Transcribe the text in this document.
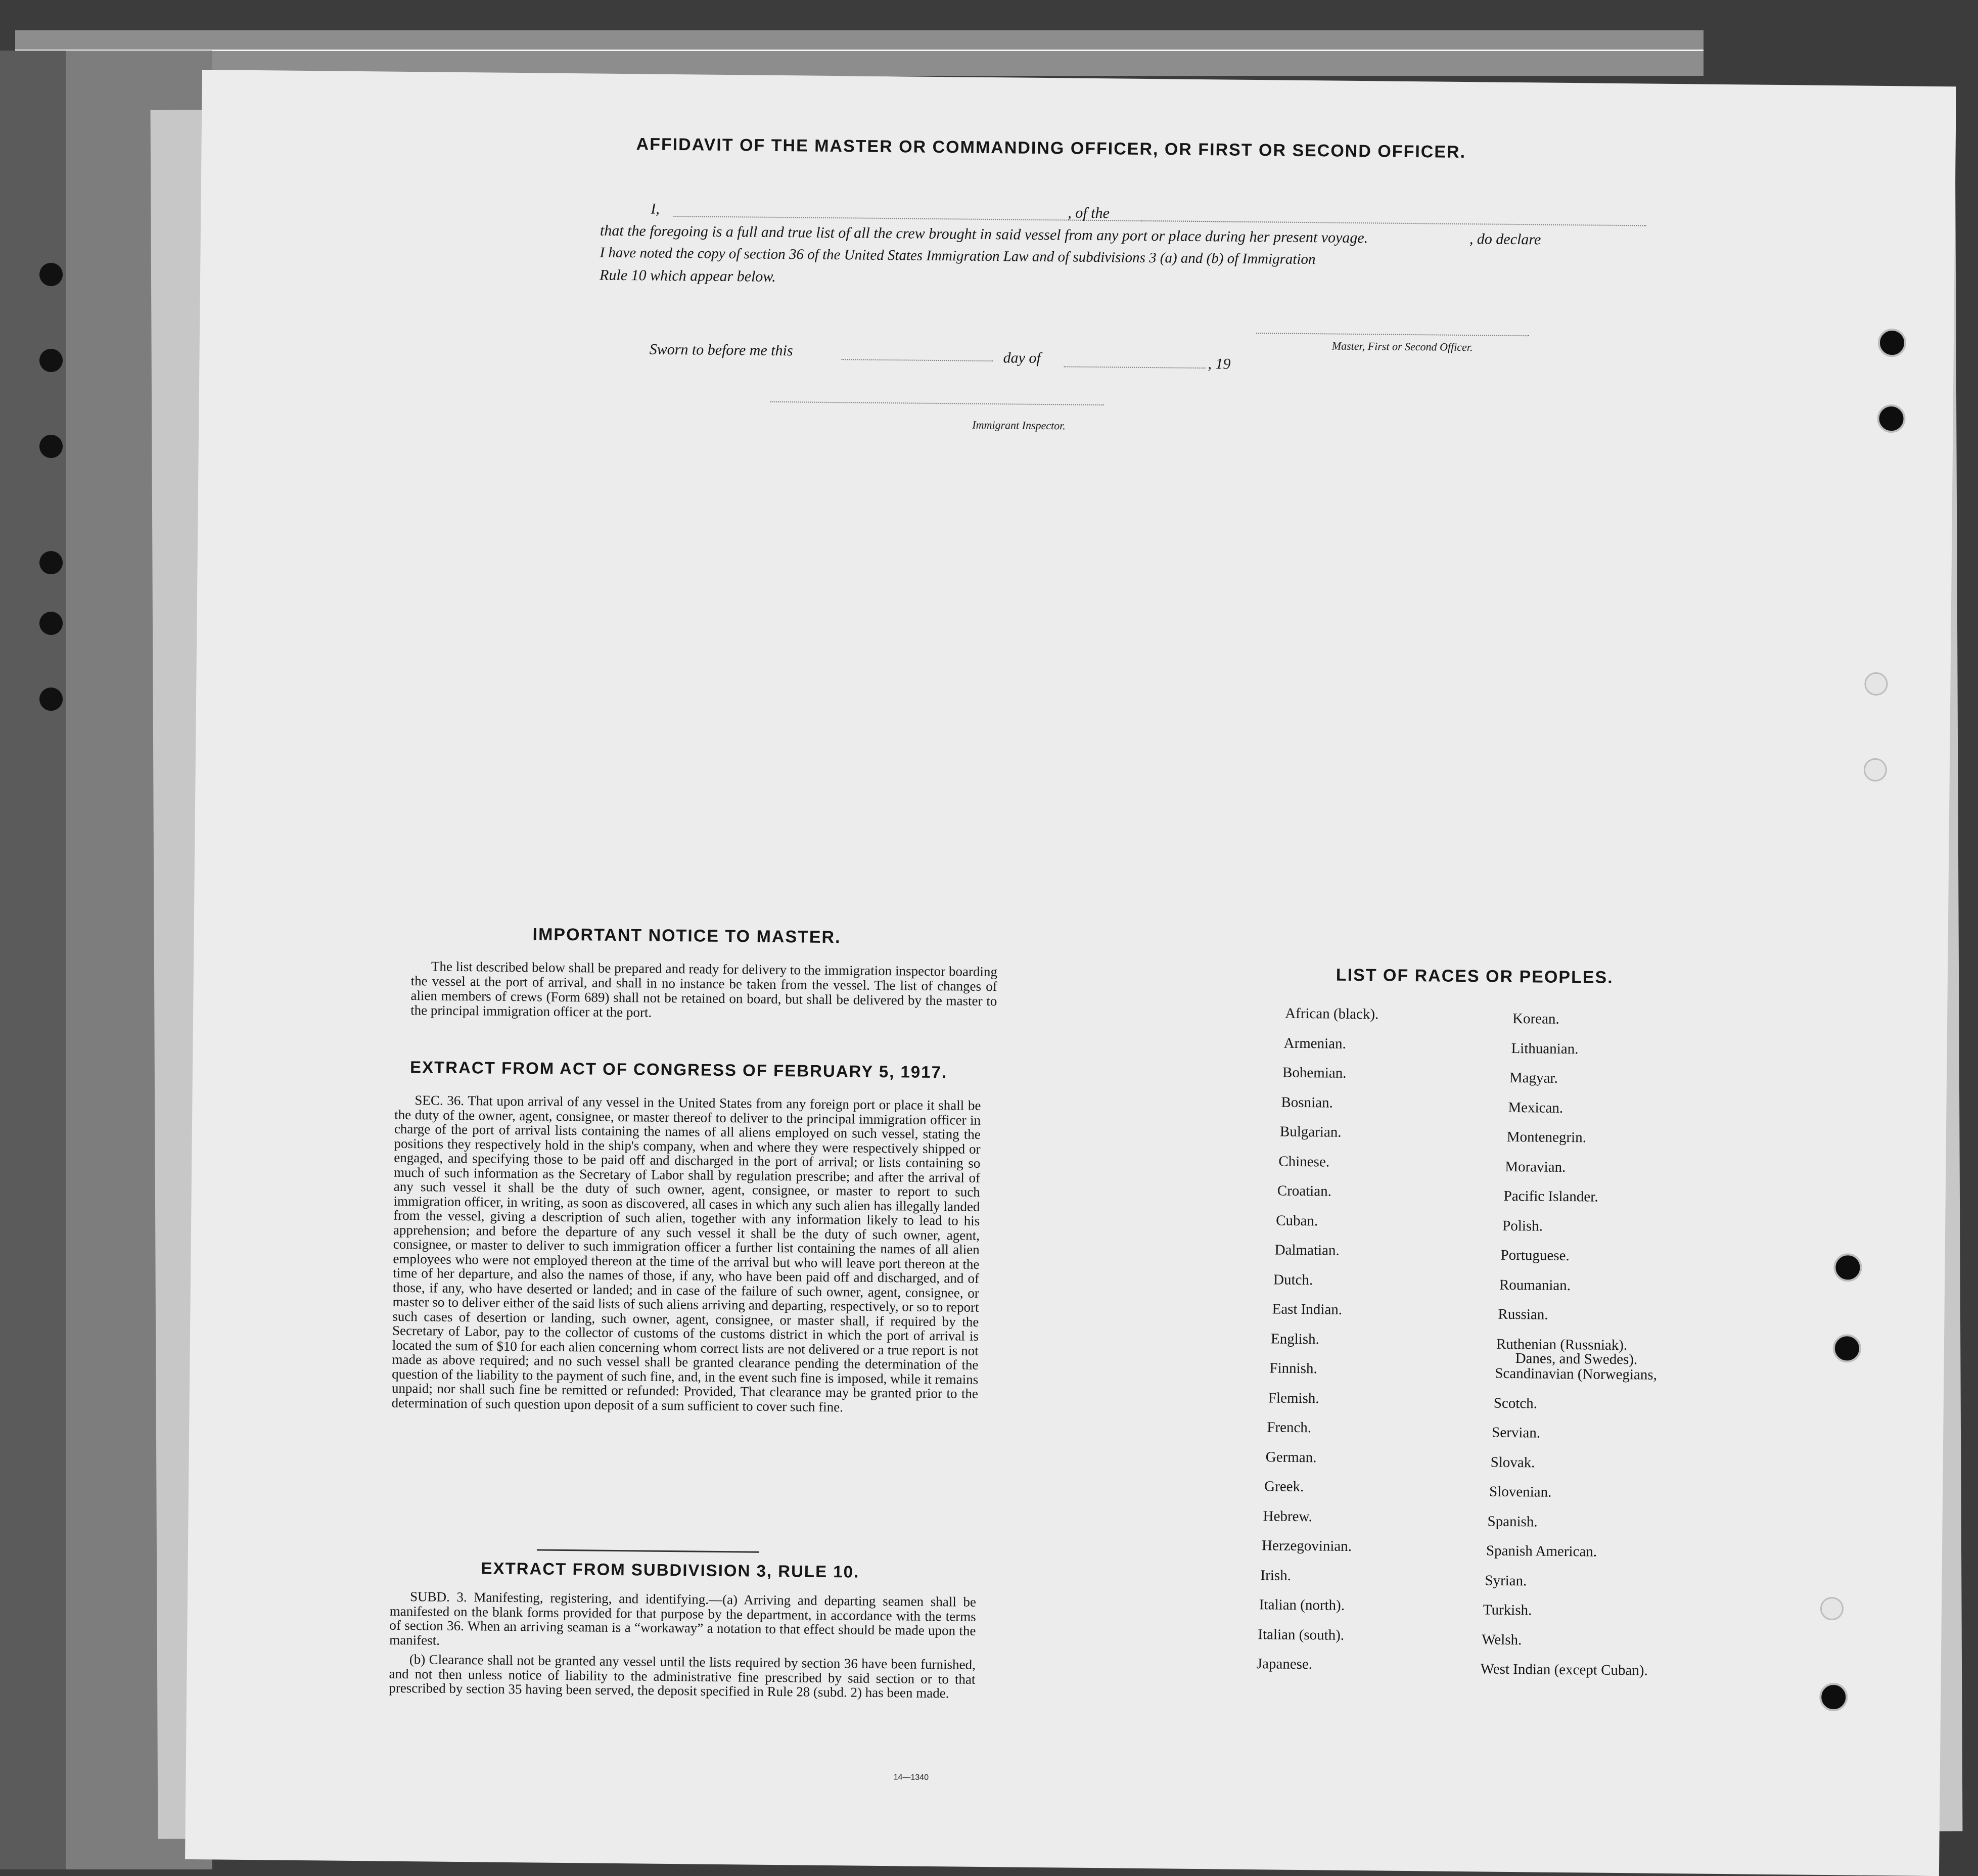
AFFIDAVIT OF THE MASTER OR COMMANDING OFFICER, OR FIRST OR SECOND OFFICER.
I,	, of the
that the foregoing is a full and true list of all the crew brought in said vessel from any port or place during her present voyage.	, do declare
I have noted the copy of section 36 of the United States Immigration Law and of subdivisions 3 (a) and (b) of Immigration
Rule 10 which appear below.
Master, First or Second Officer.
Sworn to before me this	day of	, 19
Immigrant Inspector.
IMPORTANT NOTICE TO MASTER.

The list described below shall be prepared and ready for delivery to the immigration inspector boarding the vessel at the port of arrival, and shall in no instance be taken from the vessel. The list of changes of alien members of crews (Form 689) shall not be retained on board, but shall be delivered by the master to the principal immigration officer at the port.

EXTRACT FROM ACT OF CONGRESS OF FEBRUARY 5, 1917.

SEC. 36. That upon arrival of any vessel in the United States from any foreign port or place it shall be the duty of the owner, agent, consignee, or master thereof to deliver to the principal immigration officer in charge of the port of arrival lists containing the names of all aliens employed on such vessel, stating the positions they respectively hold in the ship's company, when and where they were respectively shipped or engaged, and specifying those to be paid off and discharged in the port of arrival; or lists containing so much of such information as the Secretary of Labor shall by regulation prescribe; and after the arrival of any such vessel it shall be the duty of such owner, agent, consignee, or master to report to such immigration officer, in writing, as soon as discovered, all cases in which any such alien has illegally landed from the vessel, giving a description of such alien, together with any information likely to lead to his apprehension; and before the departure of any such vessel it shall be the duty of such owner, agent, consignee, or master to deliver to such immigration officer a further list containing the names of all alien employees who were not employed thereon at the time of the arrival but who will leave port thereon at the time of her departure, and also the names of those, if any, who have been paid off and discharged, and of those, if any, who have deserted or landed; and in case of the failure of such owner, agent, consignee, or master so to deliver either of the said lists of such aliens arriving and departing, respectively, or so to report such cases of desertion or landing, such owner, agent, consignee, or master shall, if required by the Secretary of Labor, pay to the collector of customs of the customs district in which the port of arrival is located the sum of $10 for each alien concerning whom correct lists are not delivered or a true report is not made as above required; and no such vessel shall be granted clearance pending the determination of the question of the liability to the payment of such fine, and, in the event such fine is imposed, while it remains unpaid; nor shall such fine be remitted or refunded: Provided, That clearance may be granted prior to the determination of such question upon deposit of a sum sufficient to cover such fine.

EXTRACT FROM SUBDIVISION 3, RULE 10.

SUBD. 3. Manifesting, registering, and identifying.—(a) Arriving and departing seamen shall be manifested on the blank forms provided for that purpose by the department, in accordance with the terms of section 36. When an arriving seaman is a “workaway” a notation to that effect should be made upon the manifest.

(b) Clearance shall not be granted any vessel until the lists required by section 36 have been furnished, and not then unless notice of liability to the administrative fine prescribed by said section or to that prescribed by section 35 having been served, the deposit specified in Rule 28 (subd. 2) has been made.

LIST OF RACES OR PEOPLES.
African (black).
Armenian.
Bohemian.
Bosnian.
Bulgarian.
Chinese.
Croatian.
Cuban.
Dalmatian.
Dutch.
East Indian.
English.
Finnish.
Flemish.
French.
German.
Greek.
Hebrew.
Herzegovinian.
Irish.
Italian (north).
Italian (south).
Japanese.
Korean.
Lithuanian.
Magyar.
Mexican.
Montenegrin.
Moravian.
Pacific Islander.
Polish.
Portuguese.
Roumanian.
Russian.
Ruthenian (Russniak).
Scandinavian (Norwegians,
Danes, and Swedes).
Scotch.
Servian.
Slovak.
Slovenian.
Spanish.
Spanish American.
Syrian.
Turkish.
Welsh.
West Indian (except Cuban).
14—1340
